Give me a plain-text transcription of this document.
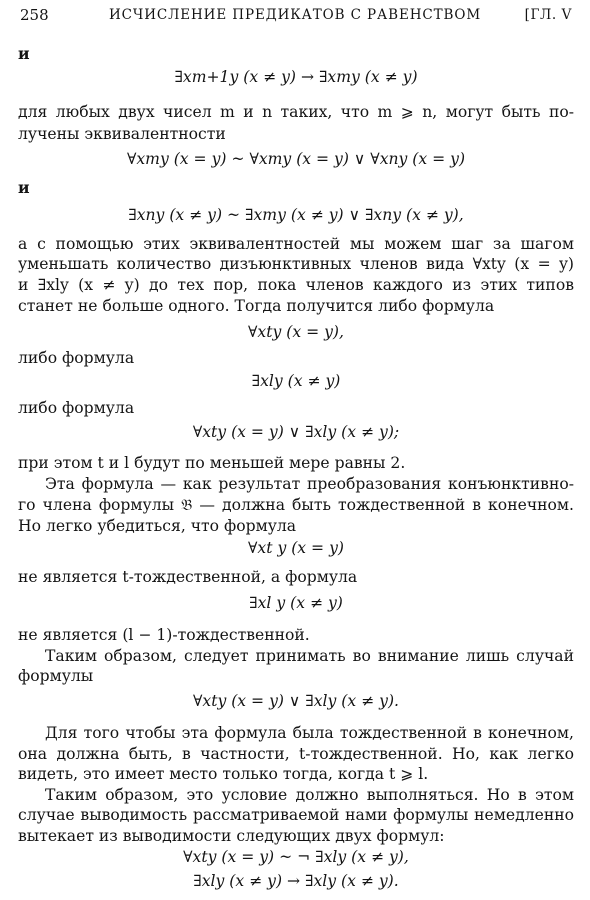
258	ИСЧИСЛЕНИЕ ПРЕДИКАТОВ С РАВЕНСТВОМ	[ГЛ. V
и
∃xm+1y (x ≠ y) → ∃xmy (x ≠ y)
для любых двух чисел m и n таких, что m ⩾ n, могут быть по-
лучены эквивалентности
∀xmy (x = y) ~ ∀xmy (x = y) ∨ ∀xny (x = y)
и
∃xny (x ≠ y) ~ ∃xmy (x ≠ y) ∨ ∃xny (x ≠ y),
а с помощью этих эквивалентностей мы можем шаг за шагом
уменьшать количество дизъюнктивных членов вида ∀xty (x = y)
и ∃xly (x ≠ y) до тех пор, пока членов каждого из этих типов
станет не больше одного. Тогда получится либо формула
∀xty (x = y),
либо формула
∃xly (x ≠ y)
либо формула
∀xty (x = y) ∨ ∃xly (x ≠ y);
при этом t и l будут по меньшей мере равны 2.
Эта формула — как результат преобразования конъюнктивно-
го члена формулы 𝔅 — должна быть тождественной в конечном.
Но легко убедиться, что формула
∀xt y (x = y)
не является t-тождественной, а формула
∃xl y (x ≠ y)
не является (l − 1)-тождественной.
Таким образом, следует принимать во внимание лишь случай
формулы
∀xty (x = y) ∨ ∃xly (x ≠ y).
Для того чтобы эта формула была тождественной в конечном,
она должна быть, в частности, t-тождественной. Но, как легко
видеть, это имеет место только тогда, когда t ⩾ l.
Таким образом, это условие должно выполняться. Но в этом
случае выводимость рассматриваемой нами формулы немедленно
вытекает из выводимости следующих двух формул:
∀xty (x = y) ~ ¬ ∃xly (x ≠ y),
∃xly (x ≠ y) → ∃xly (x ≠ y).
